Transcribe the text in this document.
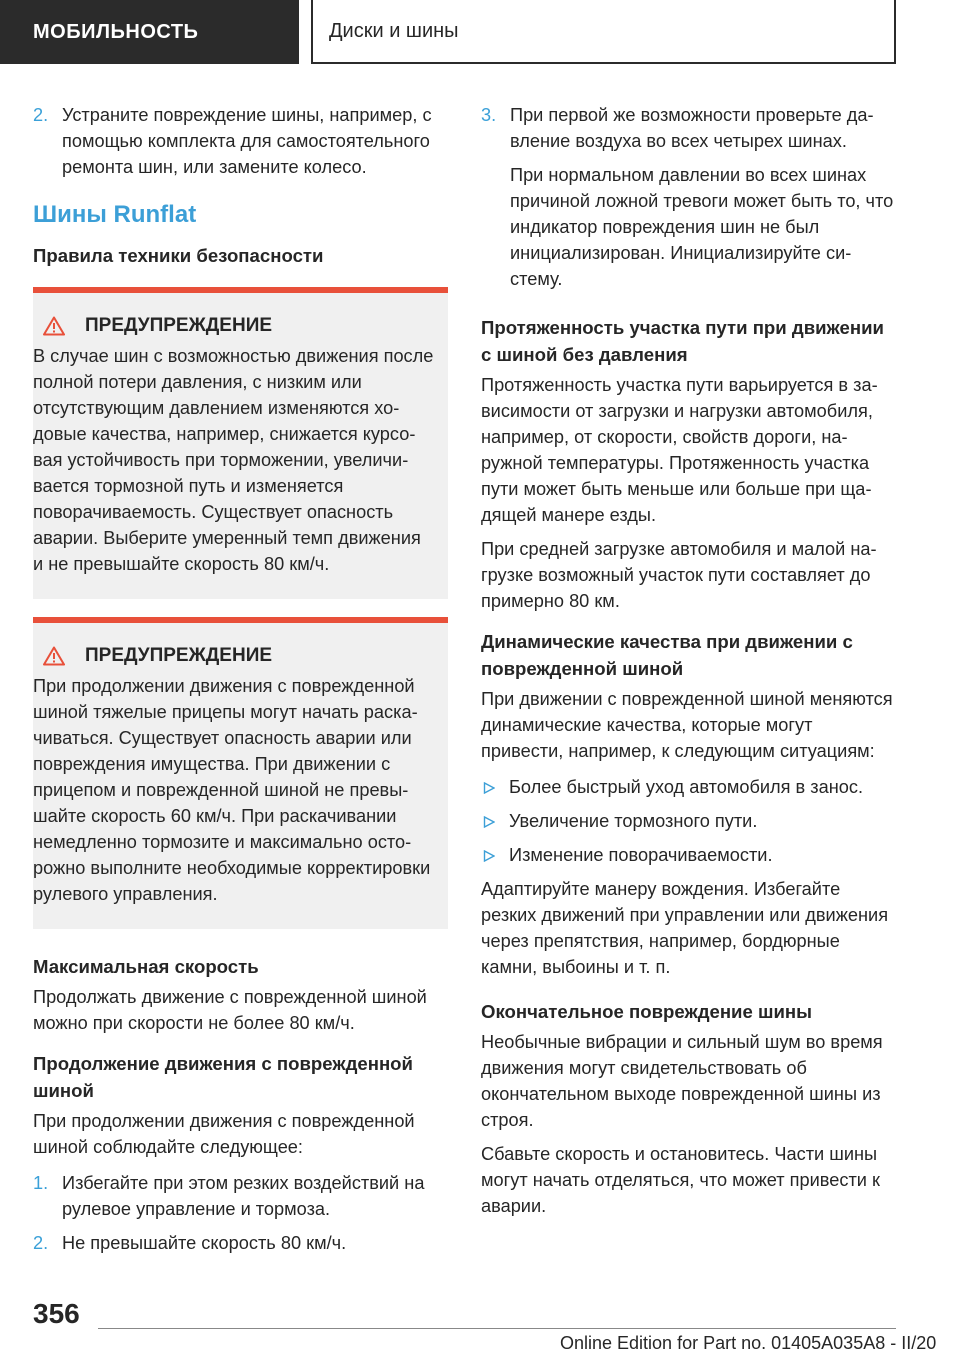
МОБИЛЬНОСТЬ	Диски и шины
2. Устраните повреждение шины, например, с помощью комплекта для самостоятельного ремонта шин, или замените колесо.
Шины Runflat
Правила техники безопасности
ПРЕДУПРЕЖДЕНИЕ

В случае шин с возможностью движения после полной потери давления, с низким или отсутствующим давлением изменяются ходовые качества, например, снижается курсовая устойчивость при торможении, увеличивается тормозной путь и изменяется поворачиваемость. Существует опасность аварии. Выберите умеренный темп движения и не превышайте скорость 80 км/ч.

ПРЕДУПРЕЖДЕНИЕ

При продолжении движения с поврежденной шиной тяжелые прицепы могут начать раскачиваться. Существует опасность аварии или повреждения имущества. При движении с прицепом и поврежденной шиной не превышайте скорость 60 км/ч. При раскачивании немедленно тормозите и максимально осторожно выполните необходимые корректировки рулевого управления.

Максимальная скорость

Продолжать движение с поврежденной шиной можно при скорости не более 80 км/ч.

Продолжение движения с поврежденной шиной

При продолжении движения с поврежденной шиной соблюдайте следующее:

1. Избегайте при этом резких воздействий на рулевое управление и тормоза.
2. Не превышайте скорость 80 км/ч.
3. При первой же возможности проверьте давление воздуха во всех четырех шинах.

При нормальном давлении во всех шинах причиной ложной тревоги может быть то, что индикатор повреждения шин не был инициализирован. Инициализируйте систему.

Протяженность участка пути при движении с шиной без давления

Протяженность участка пути варьируется в зависимости от загрузки и нагрузки автомобиля, например, от скорости, свойств дороги, наружной температуры. Протяженность участка пути может быть меньше или больше при щадящей манере езды.

При средней загрузке автомобиля и малой нагрузке возможный участок пути составляет до примерно 80 км.

Динамические качества при движении с поврежденной шиной

При движении с поврежденной шиной меняются динамические качества, которые могут привести, например, к следующим ситуациям:

Более быстрый уход автомобиля в занос.
Увеличение тормозного пути.
Изменение поворачиваемости.

Адаптируйте манеру вождения. Избегайте резких движений при управлении или движения через препятствия, например, бордюрные камни, выбоины и т. п.

Окончательное повреждение шины

Необычные вибрации и сильный шум во время движения могут свидетельствовать об окончательном выходе поврежденной шины из строя.

Сбавьте скорость и остановитесь. Части шины могут начать отделяться, что может привести к аварии.

356
Online Edition for Part no. 01405A035A8 - II/20
